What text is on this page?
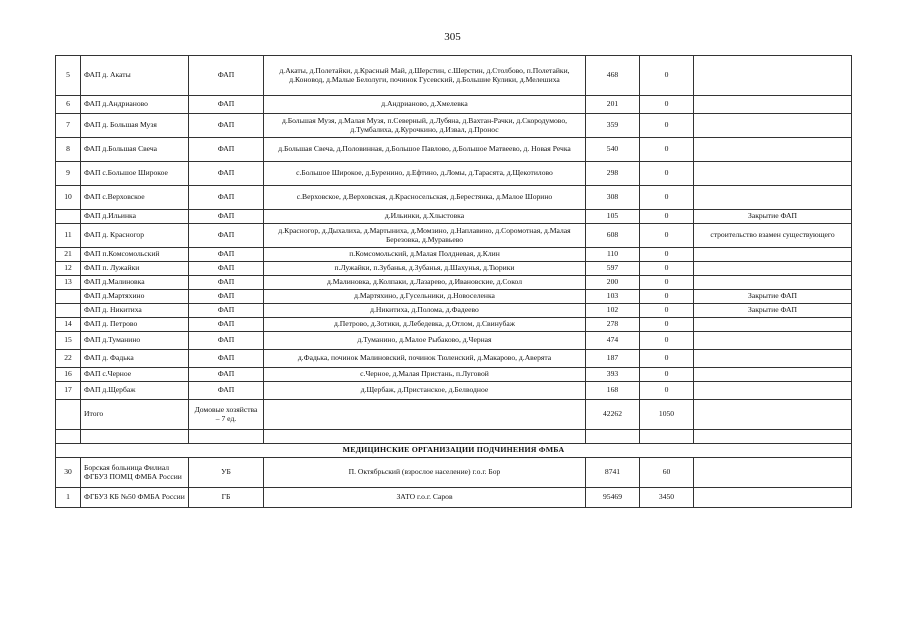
305
5	ФАП д. Акаты	ФАП	д.Акаты, д.Полетайки, д.Красный Май, д.Шерстин, с.Шерстин, д.Столбово, п.Полетайки, д.Коновод, д.Малые Белолуги, починок Гусевский, д.Большие Кулики, д.Мелешиха	468	0	
6	ФАП д.Андрианово	ФАП	д.Андрианово, д.Хмелевка	201	0	
7	ФАП д. Большая Музя	ФАП	д.Большая Музя, д.Малая Музя, п.Северный, д.Лубяна, д.Вахтан-Рачки, д.Скородумово, д.Тумбалиха, д.Курочкино, д.Извал, д.Пронос	359	0	
8	ФАП д.Большая Свеча	ФАП	д.Большая Свеча, д.Половинная, д.Большое Павлово, д.Большое Матвеево, д. Новая Речка	540	0	
9	ФАП с.Большое Широкое	ФАП	с.Большое Широкое, д.Буренино, д.Ефтино, д.Ломы, д.Тарасята, д.Щекотилово	298	0	
10	ФАП с.Верховское	ФАП	с.Верховское, д.Верховская, д.Красносельская, д.Берестянка, д.Малое Шорино	308	0	
	ФАП д.Ильинка	ФАП	д.Ильинки, д.Хлыстовка	105	0	Закрытие ФАП
11	ФАП д. Красногор	ФАП	д.Красногор, д.Дыхалиха, д.Мартыниха, д.Момзино, д.Наплавино, д.Соромотная, д.Малая Березовка, д.Муравьево	608	0	строительство взамен существующего
21	ФАП п.Комсомольский	ФАП	п.Комсомольский, д.Малая Полдневая, д.Клин	110	0	
12	ФАП п. Лужайки	ФАП	п.Лужайки, п.Зубанья, д.Зубанья, д.Шахунья, д.Тюрики	597	0	
13	ФАП д.Малиновка	ФАП	д.Малиновка, д.Колпаки, д.Лазарево, д.Ивановские, д.Сокол	200	0	
	ФАП д.Мартяхино	ФАП	д.Мартяхино, д.Гусельники, д.Новоселенка	103	0	Закрытие ФАП
	ФАП д. Никитиха	ФАП	д.Никитиха, д.Полома, д.Фадеево	102	0	Закрытие ФАП
14	ФАП д. Петрово	ФАП	д.Петрово, д.Зотики, д.Лебедевка, д.Отлом, д.Свинубаж	278	0	
15	ФАП д.Туманино	ФАП	д.Туманино, д.Малое Рыбаково, д.Черная	474	0	
22	ФАП д. Фадька	ФАП	д.Фадька, починок Малиновский, починок Тюленский, д.Макарово, д.Аверята	187	0	
16	ФАП с.Черное	ФАП	с.Черное, д.Малая Пристань, п.Луговой	393	0	
17	ФАП д.Щербаж	ФАП	д.Щербаж, д.Пристанское, д.Белводное	168	0	
	Итого	Домовые хозяйства – 7 ед.		42262	1050	

МЕДИЦИНСКИЕ ОРГАНИЗАЦИИ ПОДЧИНЕНИЯ ФМБА						
30	Борская больница Филиал ФГБУЗ ПОМЦ ФМБА России	УБ	П. Октябрьский (взрослое население) г.о.г. Бор	8741	60	
1	ФГБУЗ КБ №50 ФМБА России	ГБ	ЗАТО г.о.г. Саров	95469	3450	
